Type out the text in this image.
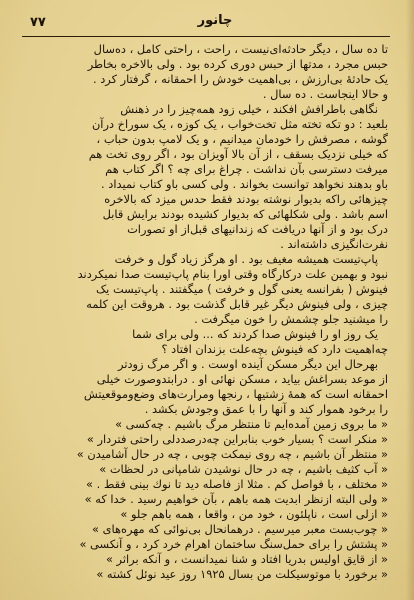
۷۷	چانور
تا ده سال ، دیگر حادثه‌ای‌نیست ، راحت ، راحتی کامل ، ده‌سال
حبس مجرد ، مدتها از حبس دوری کرده بود . ولی بالاخره بخاطر
یک حادثهٔ بی‌ارزش ، بی‌اهمیت خودش را احمقانه ، گرفتار کرد .
و حالا اینجاست . ده سال .
نگاهی باطرافش افکند ، خیلی زود همه‌چیز را در ذهنش
بلعید : دو تکه تخته مثل تخت‌خواب ، یک کوزه ، یک سوراخ درآن
گوشه ، مصرفش را خودمان میدانیم ، و یک لامپ بدون حباب ،
که خیلی نزدیک بسقف ، از آن بالا آویزان بود ، اگر روی تخت هم
میرفت دسترسی بآن نداشت . چراغ برای چه ؟ اگر کتاب هم
باو بدهند نخواهد توانست بخواند . ولی کسی باو کتاب نمیداد .
چیزهائی راکه بدیوار نوشته بودند فقط حدس میزد که بالاخره
اسم باشد . ولی شکلهائی که بدیوار کشیده بودند برایش قابل
درک بود و از آنها دریافت که زندانیهای قبل‌از او تصورات
نفرت‌انگیزی داشته‌اند .
پاپ‌تیست همیشه مغیف بود . او هرگز زیاد گول و خرفت
نبود و بهمین علت درکارگاه وقتی اورا بنام پاپ‌تیست صدا نمیکردند
فینوش ( بفرانسه یعنی گول و خرفت ) میگفتند . پاپ‌تیست یک
چیزی ، ولی فینوش دیگر غیر قابل گذشت بود . هروقت این کلمه
را میشنید جلو چشمش را خون میگرفت .
یک روز او را فینوش صدا کردند که ... ولی برای شما
چه‌اهمیت دارد که فینوش بچه‌علت بزندان افتاد ؟
بهرحال این دیگر مسکن آینده اوست . و اگر مرگ زودتر
از موعد بسراغش بیاید ، مسکن نهائی او . درابتدوصورت خیلی
احمقانه است که همهٔ زشتیها ، رنجها ومرارت‌های وضع‌وموقعیتش
را برخود هموار کند و آنها را با عمق وجودش بکشد .
« ما بروی زمین آمده‌ایم تا منتظر مرگ باشیم . چه‌کسی »
« منکر است ؟ بسیار خوب بنابراین چه‌درصددلی راحتی فتردار »
« منتظر آن باشیم ، چه روی نیمکت چوبی ، چه در حال آشامیدن »
« آب کثیف باشیم ، چه در حال نوشیدن شامپانی در لحظات »
« مختلف ، با فواصل کم . مثلا از فاصله دید تا نوك بینی فقط . »
« ولی البته ازنظر ابدیت همه باهم ، بآن خواهیم رسید . خدا که »
« ازلی است ، ناپلئون ، خود من ، واقعا ، همه باهم جلو »
« چوب‌بست معبر میرسیم . درهمانحال بی‌نوائی که مهره‌های »
« پشتش را برای حمل‌سنگ ساختمان اهرام خرد کرد ، و آنکسی »
« از قایق اولیس بدریا افتاد و شنا نمیدانست ، و آنکه براثر »
« برخورد با موتوسیکلت من بسال ۱۹۲۵ روز عید نوئل کشته »
